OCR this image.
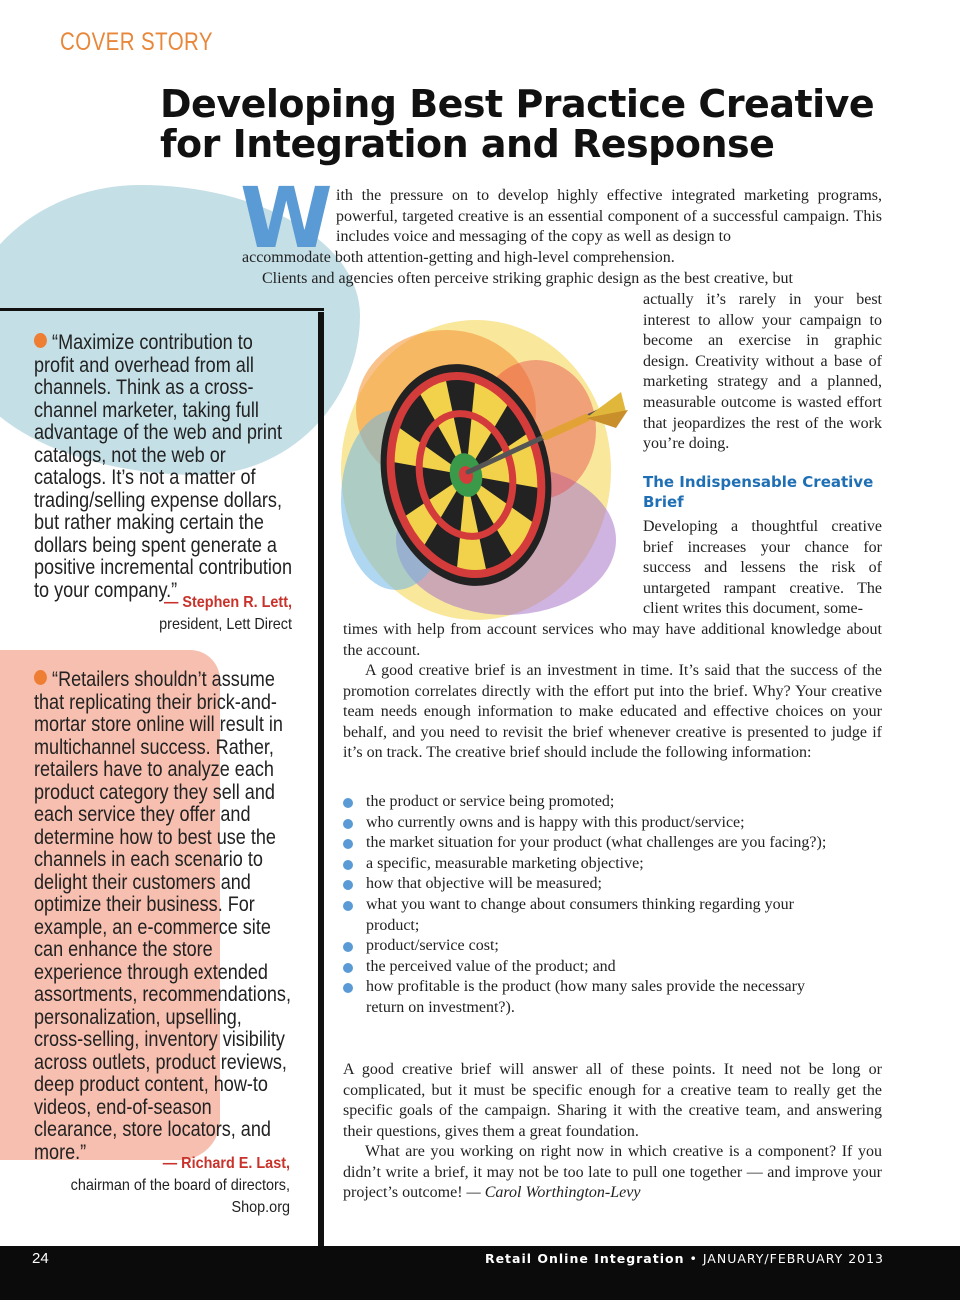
COVER STORY
Developing Best Practice Creative
for Integration and Response
“Maximize contribution to profit and overhead from all channels. Think as a cross-channel marketer, taking full advantage of the web and print catalogs, not the web or catalogs. It’s not a matter of trading/selling expense dollars, but rather making certain the dollars being spent generate a positive incremental contribution to your company.”
— Stephen R. Lett,
president, Lett Direct
“Retailers shouldn’t assume that replicating their brick-and-mortar store online will result in multichannel success. Rather, retailers have to analyze each product category they sell and each service they offer and determine how to best use the channels in each scenario to delight their customers and optimize their business. For example, an e-commerce site can enhance the store experience through extended assortments, recommendations, personalization, upselling, cross-selling, inventory visibility across outlets, product reviews, deep product content, how-to videos, end-of-season clearance, store locators, and more.”	— Richard E. Last,
chairman of the board of directors,
Shop.org
W ith the pressure on to develop highly effective integrated marketing programs, powerful, targeted creative is an essential component of a successful campaign. This includes voice and messaging of the copy as well as design to
accommodate both attention-getting and high-level comprehension.
Clients and agencies often perceive striking graphic design as the best creative, but
actually it’s rarely in your best interest to allow your campaign to become an exercise in graphic design. Creativity without a base of marketing strategy and a planned, measurable outcome is wasted effort that jeopardizes the rest of the work you’re doing.
The Indispensable Creative Brief
Developing a thoughtful creative brief increases your chance for success and lessens the risk of untargeted rampant creative. The client writes this document, some-
times with help from account services who may have additional knowledge about the account.
A good creative brief is an investment in time. It’s said that the success of the promotion correlates directly with the effort put into the brief. Why? Your creative team needs enough information to make educated and effective choices on your behalf, and you need to revisit the brief whenever creative is presented to judge if it’s on track. The creative brief should include the following information:
the product or service being promoted;
who currently owns and is happy with this product/service;
the market situation for your product (what challenges are you facing?);
a specific, measurable marketing objective;
how that objective will be measured;
what you want to change about consumers thinking regarding your product;
product/service cost;
the perceived value of the product; and
how profitable is the product (how many sales provide the necessary return on investment?).
A good creative brief will answer all of these points. It need not be long or complicated, but it must be specific enough for a creative team to really get the specific goals of the campaign. Sharing it with the creative team, and answering their questions, gives them a great foundation.
What are you working on right now in which creative is a component? If you didn’t write a brief, it may not be too late to pull one together — and improve your project’s outcome! — Carol Worthington-Levy
24	Retail Online Integration • JANUARY/FEBRUARY 2013
